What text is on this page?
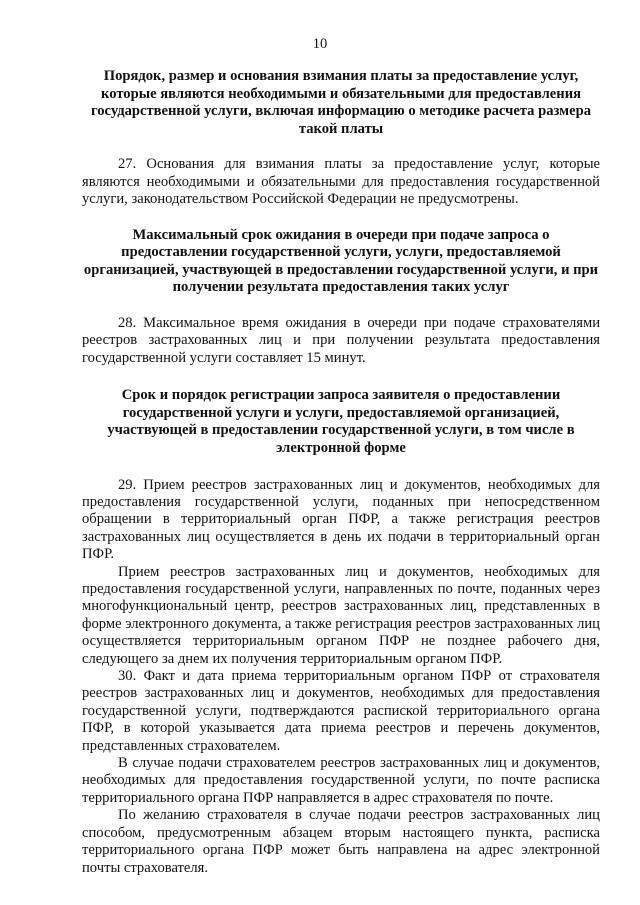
10

Порядок, размер и основания взимания платы за предоставление услуг, которые являются необходимыми и обязательными для предоставления государственной услуги, включая информацию о методике расчета размера такой платы

27. Основания для взимания платы за предоставление услуг, которые являются необходимыми и обязательными для предоставления государственной услуги, законодательством Российской Федерации не предусмотрены.

Максимальный срок ожидания в очереди при подаче запроса о предоставлении государственной услуги, услуги, предоставляемой организацией, участвующей в предоставлении государственной услуги, и при получении результата предоставления таких услуг

28. Максимальное время ожидания в очереди при подаче страхователями реестров застрахованных лиц и при получении результата предоставления государственной услуги составляет 15 минут.

Срок и порядок регистрации запроса заявителя о предоставлении государственной услуги и услуги, предоставляемой организацией, участвующей в предоставлении государственной услуги, в том числе в электронной форме

29. Прием реестров застрахованных лиц и документов, необходимых для предоставления государственной услуги, поданных при непосредственном обращении в территориальный орган ПФР, а также регистрация реестров застрахованных лиц осуществляется в день их подачи в территориальный орган ПФР.

Прием реестров застрахованных лиц и документов, необходимых для предоставления государственной услуги, направленных по почте, поданных через многофункциональный центр, реестров застрахованных лиц, представленных в форме электронного документа, а также регистрация реестров застрахованных лиц осуществляется территориальным органом ПФР не позднее рабочего дня, следующего за днем их получения территориальным органом ПФР.

30. Факт и дата приема территориальным органом ПФР от страхователя реестров застрахованных лиц и документов, необходимых для предоставления государственной услуги, подтверждаются распиской территориального органа ПФР, в которой указывается дата приема реестров и перечень документов, представленных страхователем.

В случае подачи страхователем реестров застрахованных лиц и документов, необходимых для предоставления государственной услуги, по почте расписка территориального органа ПФР направляется в адрес страхователя по почте.

По желанию страхователя в случае подачи реестров застрахованных лиц способом, предусмотренным абзацем вторым настоящего пункта, расписка территориального органа ПФР может быть направлена на адрес электронной почты страхователя.
